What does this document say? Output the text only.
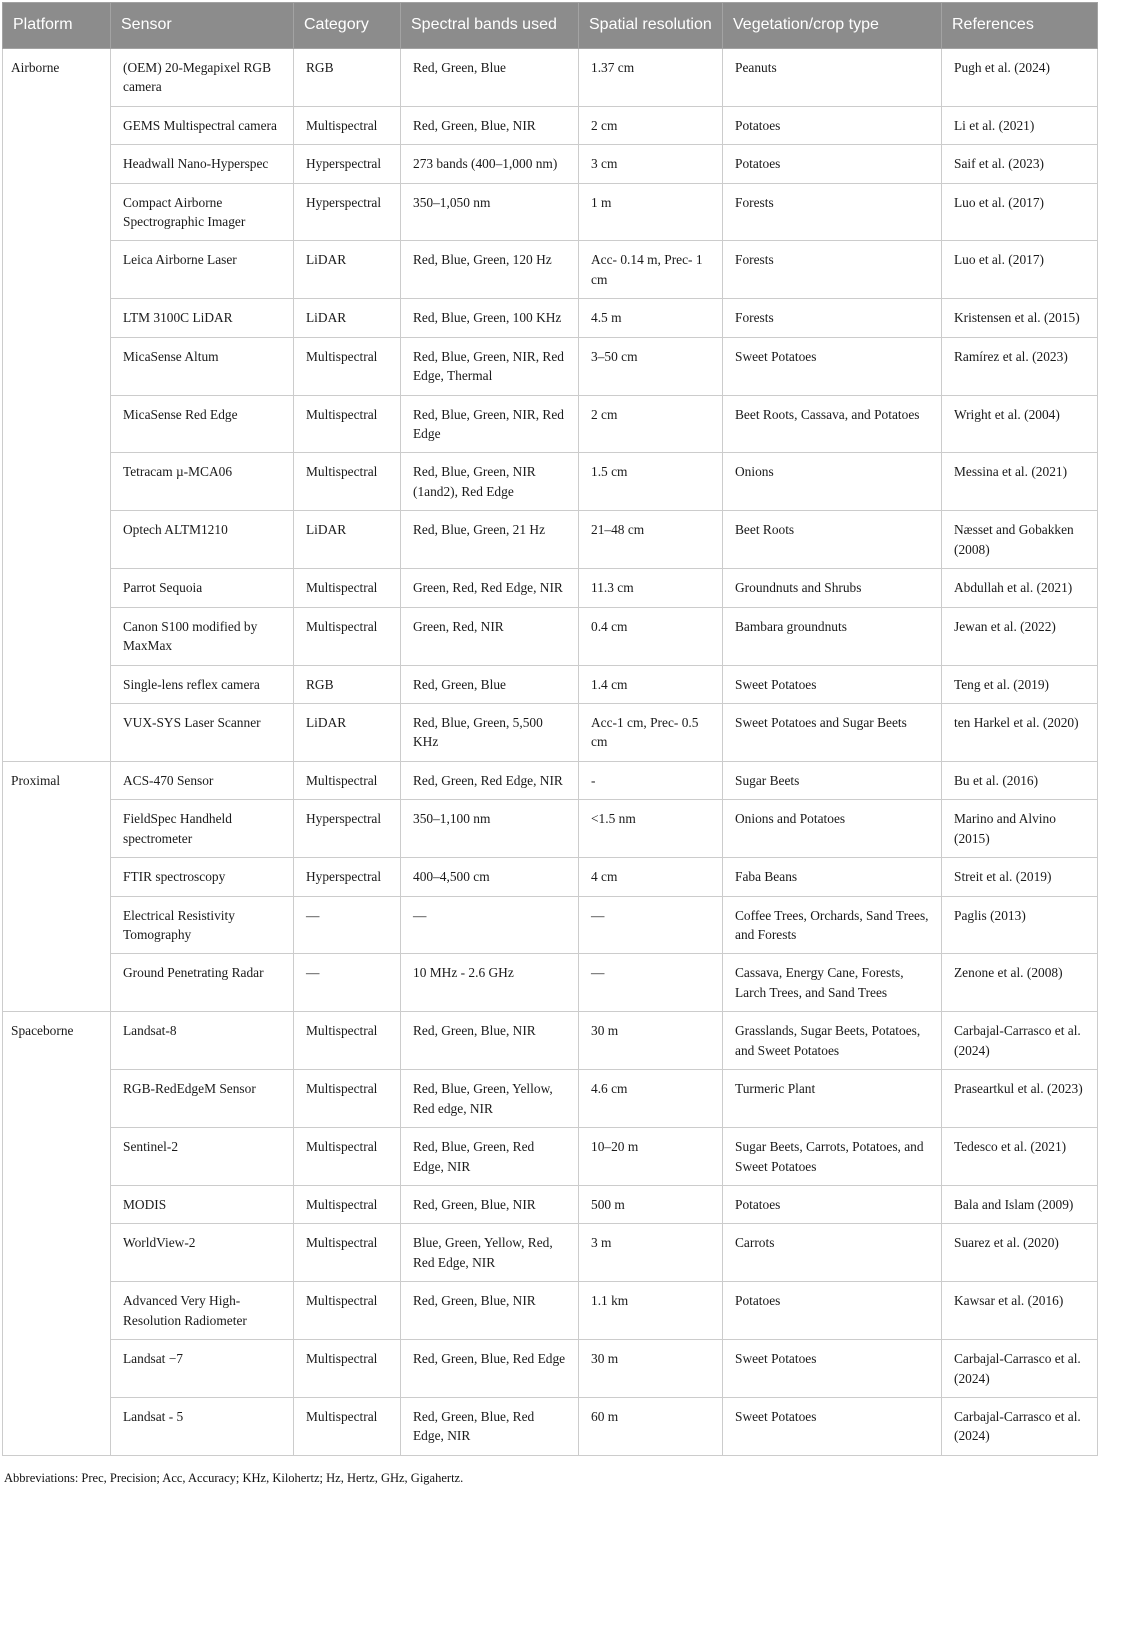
Platform	Sensor	Category	Spectral bands used	Spatial resolution	Vegetation/crop type	References
Airborne	(OEM) 20-Megapixel RGB camera	RGB	Red, Green, Blue	1.37 cm	Peanuts	Pugh et al. (2024)
	GEMS Multispectral camera	Multispectral	Red, Green, Blue, NIR	2 cm	Potatoes	Li et al. (2021)
	Headwall Nano-Hyperspec	Hyperspectral	273 bands (400–1,000 nm)	3 cm	Potatoes	Saif et al. (2023)
	Compact Airborne Spectrographic Imager	Hyperspectral	350–1,050 nm	1 m	Forests	Luo et al. (2017)
	Leica Airborne Laser	LiDAR	Red, Blue, Green, 120 Hz	Acc- 0.14 m, Prec- 1 cm	Forests	Luo et al. (2017)
	LTM 3100C LiDAR	LiDAR	Red, Blue, Green, 100 KHz	4.5 m	Forests	Kristensen et al. (2015)
	MicaSense Altum	Multispectral	Red, Blue, Green, NIR, Red Edge, Thermal	3–50 cm	Sweet Potatoes	Ramírez et al. (2023)
	MicaSense Red Edge	Multispectral	Red, Blue, Green, NIR, Red Edge	2 cm	Beet Roots, Cassava, and Potatoes	Wright et al. (2004)
	Tetracam µ-MCA06	Multispectral	Red, Blue, Green, NIR (1and2), Red Edge	1.5 cm	Onions	Messina et al. (2021)
	Optech ALTM1210	LiDAR	Red, Blue, Green, 21 Hz	21–48 cm	Beet Roots	Næsset and Gobakken (2008)
	Parrot Sequoia	Multispectral	Green, Red, Red Edge, NIR	11.3 cm	Groundnuts and Shrubs	Abdullah et al. (2021)
	Canon S100 modified by MaxMax	Multispectral	Green, Red, NIR	0.4 cm	Bambara groundnuts	Jewan et al. (2022)
	Single-lens reflex camera	RGB	Red, Green, Blue	1.4 cm	Sweet Potatoes	Teng et al. (2019)
	VUX-SYS Laser Scanner	LiDAR	Red, Blue, Green, 5,500 KHz	Acc-1 cm, Prec- 0.5 cm	Sweet Potatoes and Sugar Beets	ten Harkel et al. (2020)
Proximal	ACS-470 Sensor	Multispectral	Red, Green, Red Edge, NIR	-	Sugar Beets	Bu et al. (2016)
	FieldSpec Handheld spectrometer	Hyperspectral	350–1,100 nm	<1.5 nm	Onions and Potatoes	Marino and Alvino (2015)
	FTIR spectroscopy	Hyperspectral	400–4,500 cm	4 cm	Faba Beans	Streit et al. (2019)
	Electrical Resistivity Tomography	—	—	—	Coffee Trees, Orchards, Sand Trees, and Forests	Paglis (2013)
	Ground Penetrating Radar	—	10 MHz - 2.6 GHz	—	Cassava, Energy Cane, Forests, Larch Trees, and Sand Trees	Zenone et al. (2008)
Spaceborne	Landsat-8	Multispectral	Red, Green, Blue, NIR	30 m	Grasslands, Sugar Beets, Potatoes, and Sweet Potatoes	Carbajal-Carrasco et al. (2024)
	RGB-RedEdgeM Sensor	Multispectral	Red, Blue, Green, Yellow, Red edge, NIR	4.6 cm	Turmeric Plant	Praseartkul et al. (2023)
	Sentinel-2	Multispectral	Red, Blue, Green, Red Edge, NIR	10–20 m	Sugar Beets, Carrots, Potatoes, and Sweet Potatoes	Tedesco et al. (2021)
	MODIS	Multispectral	Red, Green, Blue, NIR	500 m	Potatoes	Bala and Islam (2009)
	WorldView-2	Multispectral	Blue, Green, Yellow, Red, Red Edge, NIR	3 m	Carrots	Suarez et al. (2020)
	Advanced Very High-Resolution Radiometer	Multispectral	Red, Green, Blue, NIR	1.1 km	Potatoes	Kawsar et al. (2016)
	Landsat −7	Multispectral	Red, Green, Blue, Red Edge	30 m	Sweet Potatoes	Carbajal-Carrasco et al. (2024)
	Landsat - 5	Multispectral	Red, Green, Blue, Red Edge, NIR	60 m	Sweet Potatoes	Carbajal-Carrasco et al. (2024)

Abbreviations: Prec, Precision; Acc, Accuracy; KHz, Kilohertz; Hz, Hertz, GHz, Gigahertz.
